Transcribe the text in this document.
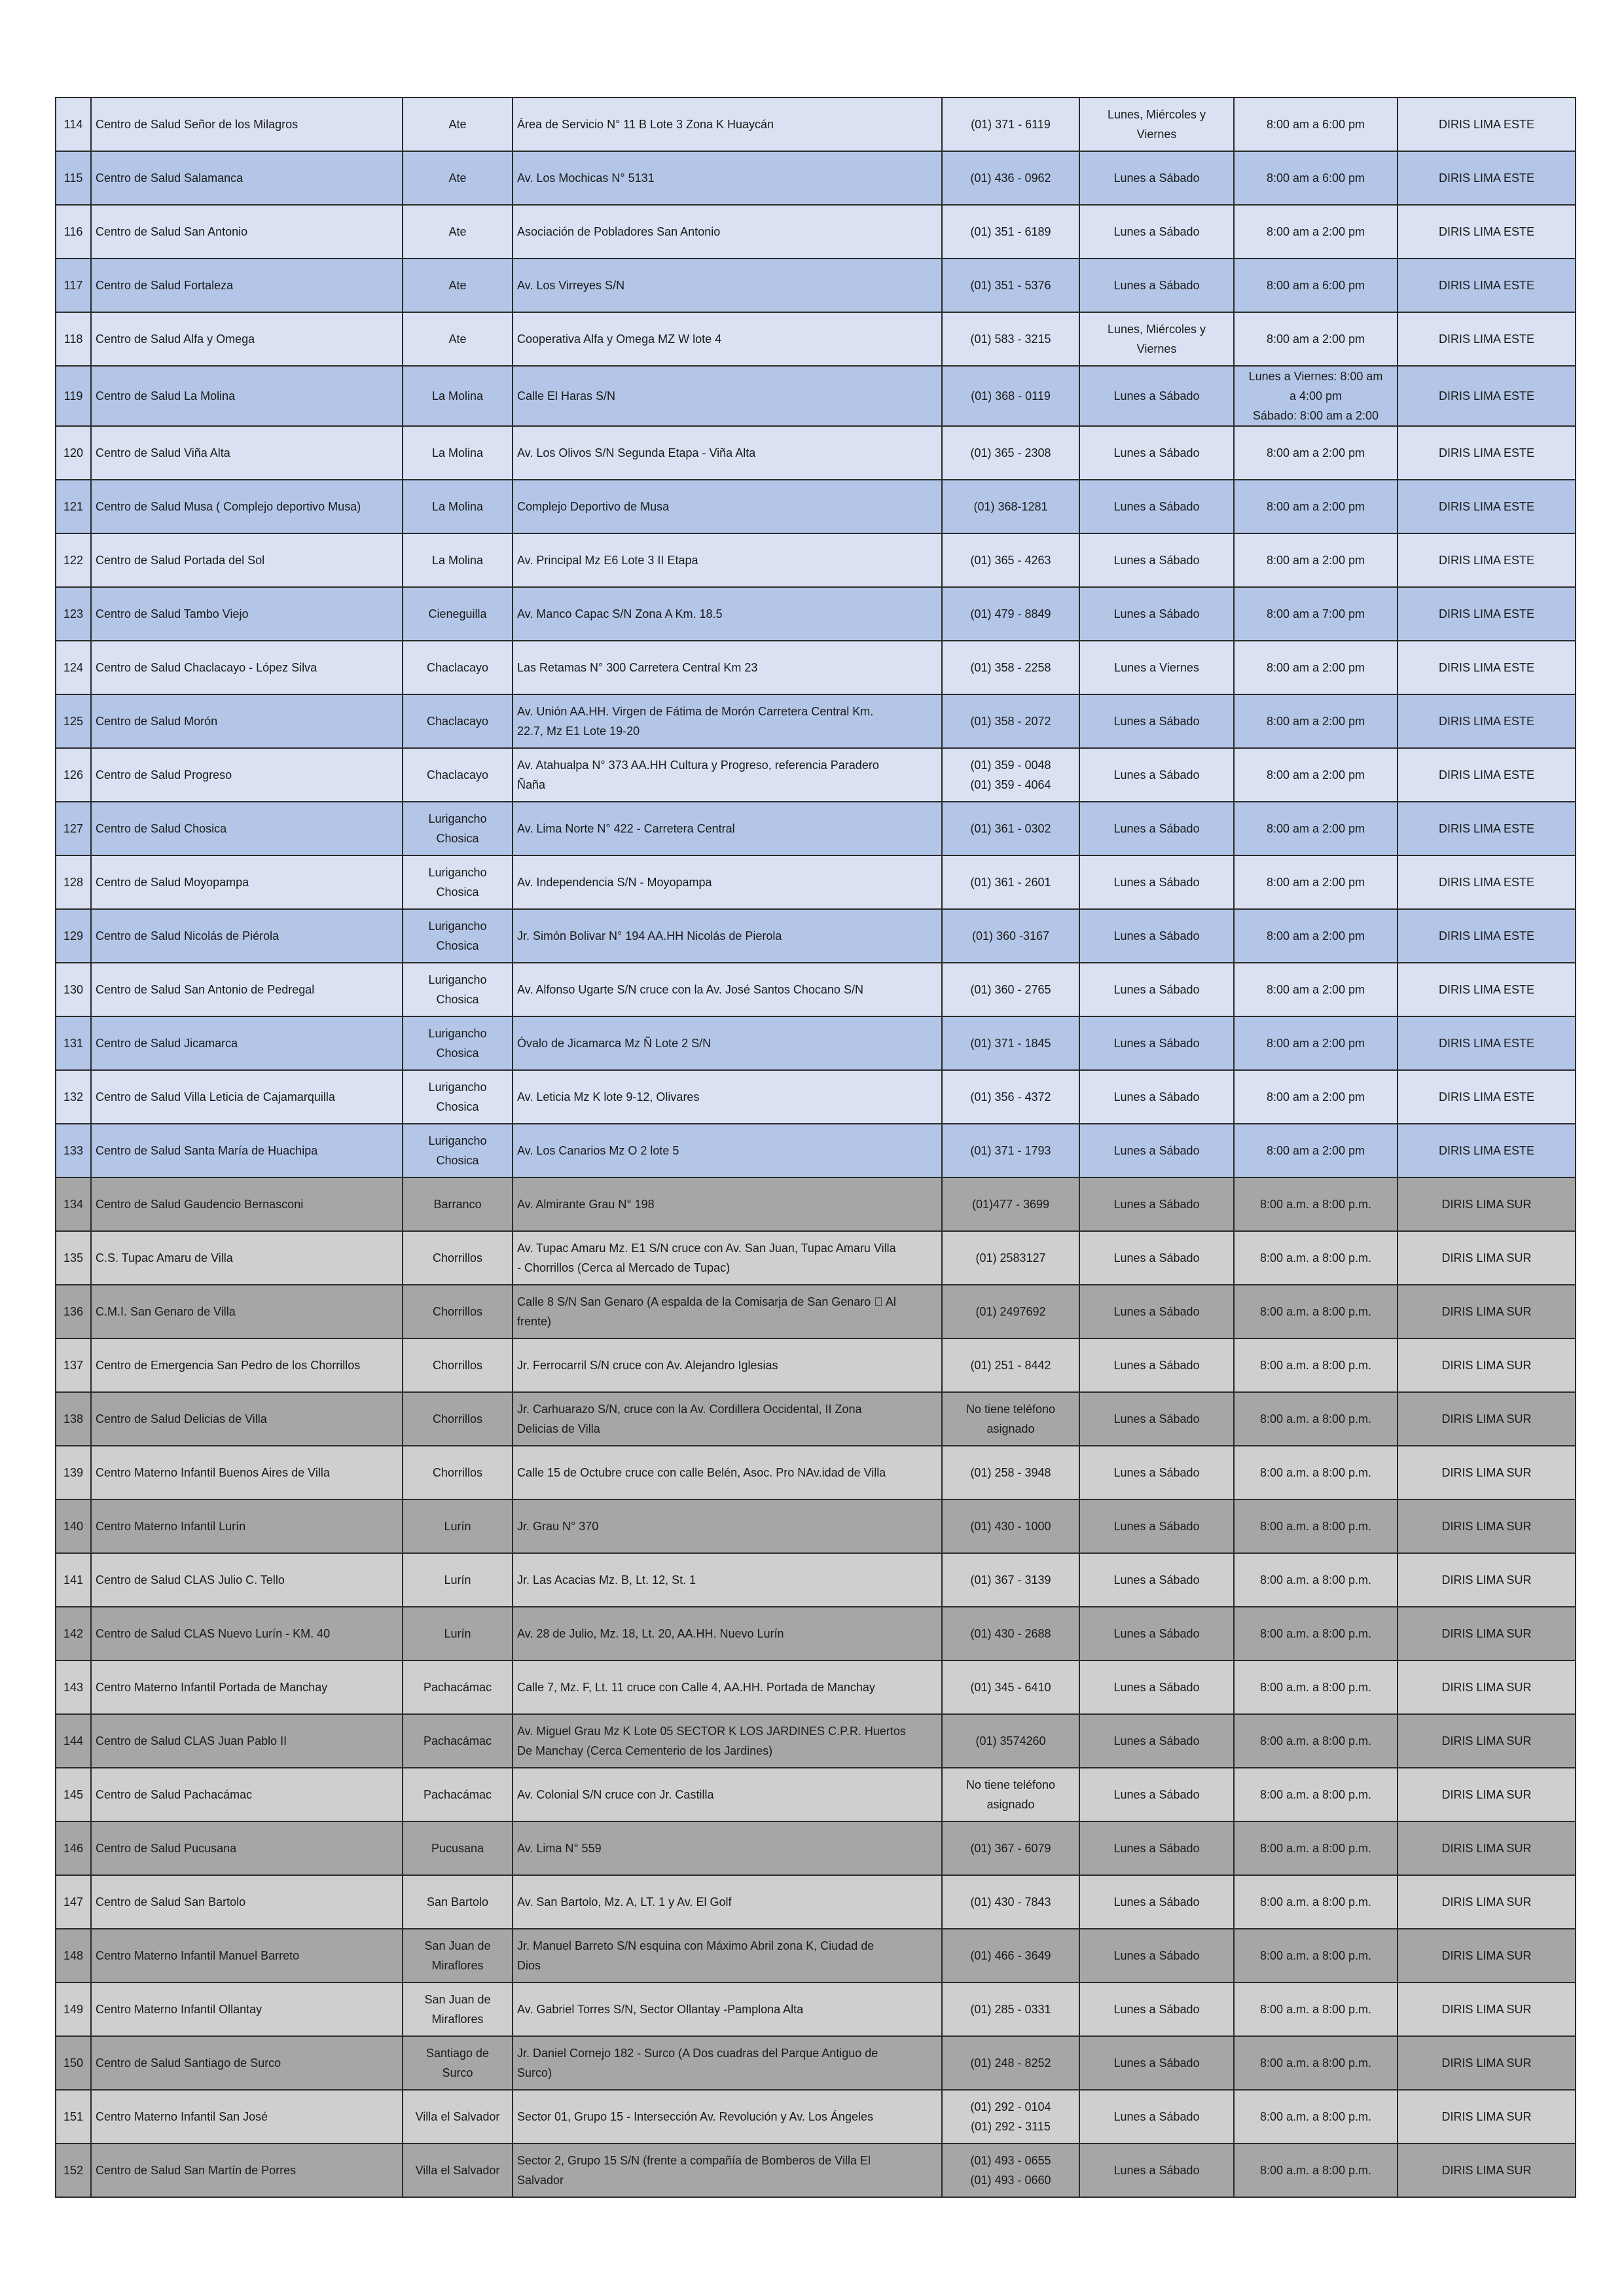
114	Centro de Salud Señor de los Milagros	Ate	Área de Servicio N° 11 B Lote 3 Zona K Huaycán	(01) 371 - 6119	Lunes, Miércoles y
Viernes	8:00 am a 6:00 pm	DIRIS LIMA ESTE
115	Centro de Salud Salamanca	Ate	Av. Los Mochicas N° 5131	(01) 436 - 0962	Lunes a Sábado	8:00 am a 6:00 pm	DIRIS LIMA ESTE
116	Centro de Salud San Antonio	Ate	Asociación de Pobladores San Antonio	(01) 351 - 6189	Lunes a Sábado	8:00 am a 2:00 pm	DIRIS LIMA ESTE
117	Centro de Salud Fortaleza	Ate	Av. Los Virreyes S/N	(01) 351 - 5376	Lunes a Sábado	8:00 am a 6:00 pm	DIRIS LIMA ESTE
118	Centro de Salud Alfa y Omega	Ate	Cooperativa Alfa y Omega MZ W lote 4	(01) 583 - 3215	Lunes, Miércoles y
Viernes	8:00 am a 2:00 pm	DIRIS LIMA ESTE
119	Centro de Salud La Molina	La Molina	Calle El Haras S/N	(01) 368 - 0119	Lunes a Sábado	Lunes a Viernes: 8:00 am
a 4:00 pm
Sábado: 8:00 am a 2:00	DIRIS LIMA ESTE
120	Centro de Salud Viña Alta	La Molina	Av. Los Olivos S/N Segunda Etapa - Viña Alta	(01) 365 - 2308	Lunes a Sábado	8:00 am a 2:00 pm	DIRIS LIMA ESTE
121	Centro de Salud Musa ( Complejo deportivo Musa)	La Molina	Complejo Deportivo de Musa	(01) 368-1281	Lunes a Sábado	8:00 am a 2:00 pm	DIRIS LIMA ESTE
122	Centro de Salud Portada del Sol	La Molina	Av. Principal Mz E6 Lote 3 II Etapa	(01) 365 - 4263	Lunes a Sábado	8:00 am a 2:00 pm	DIRIS LIMA ESTE
123	Centro de Salud Tambo Viejo	Cieneguilla	Av. Manco Capac S/N Zona A Km. 18.5	(01) 479 - 8849	Lunes a Sábado	8:00 am a 7:00 pm	DIRIS LIMA ESTE
124	Centro de Salud Chaclacayo - López Silva	Chaclacayo	Las Retamas N° 300 Carretera Central Km 23	(01) 358 - 2258	Lunes a Viernes	8:00 am a 2:00 pm	DIRIS LIMA ESTE
125	Centro de Salud Morón	Chaclacayo	Av. Unión AA.HH. Virgen de Fátima de Morón Carretera Central Km.
22.7, Mz E1 Lote 19-20	(01) 358 - 2072	Lunes a Sábado	8:00 am a 2:00 pm	DIRIS LIMA ESTE
126	Centro de Salud Progreso	Chaclacayo	Av. Atahualpa N° 373 AA.HH Cultura y Progreso, referencia Paradero
Ñaña	(01) 359 - 0048
(01) 359 - 4064	Lunes a Sábado	8:00 am a 2:00 pm	DIRIS LIMA ESTE
127	Centro de Salud Chosica	Lurigancho
Chosica	Av. Lima Norte N° 422 - Carretera Central	(01) 361 - 0302	Lunes a Sábado	8:00 am a 2:00 pm	DIRIS LIMA ESTE
128	Centro de Salud Moyopampa	Lurigancho
Chosica	Av. Independencia S/N - Moyopampa	(01) 361 - 2601	Lunes a Sábado	8:00 am a 2:00 pm	DIRIS LIMA ESTE
129	Centro de Salud Nicolás de Piérola	Lurigancho
Chosica	Jr. Simón Bolivar N° 194 AA.HH Nicolás de Pierola	(01) 360 -3167	Lunes a Sábado	8:00 am a 2:00 pm	DIRIS LIMA ESTE
130	Centro de Salud San Antonio de Pedregal	Lurigancho
Chosica	Av. Alfonso Ugarte S/N cruce con la Av. José Santos Chocano S/N	(01) 360 - 2765	Lunes a Sábado	8:00 am a 2:00 pm	DIRIS LIMA ESTE
131	Centro de Salud Jicamarca	Lurigancho
Chosica	Óvalo de Jicamarca Mz Ñ Lote 2 S/N	(01) 371 - 1845	Lunes a Sábado	8:00 am a 2:00 pm	DIRIS LIMA ESTE
132	Centro de Salud Villa Leticia de Cajamarquilla	Lurigancho
Chosica	Av. Leticia Mz K lote 9-12, Olivares	(01) 356 - 4372	Lunes a Sábado	8:00 am a 2:00 pm	DIRIS LIMA ESTE
133	Centro de Salud Santa María de Huachipa	Lurigancho
Chosica	Av. Los Canarios Mz O 2 lote 5	(01) 371 - 1793	Lunes a Sábado	8:00 am a 2:00 pm	DIRIS LIMA ESTE
134	Centro de Salud Gaudencio Bernasconi	Barranco	Av. Almirante Grau N° 198	(01)477 - 3699	Lunes a Sábado	8:00 a.m. a 8:00 p.m.	DIRIS LIMA SUR
135	C.S. Tupac Amaru de Villa	Chorrillos	Av. Tupac Amaru Mz. E1 S/N cruce con Av. San Juan, Tupac Amaru Villa
- Chorrillos (Cerca al Mercado de Tupac)	(01) 2583127	Lunes a Sábado	8:00 a.m. a 8:00 p.m.	DIRIS LIMA SUR
136	C.M.I. San Genaro de Villa	Chorrillos	Calle 8 S/N San Genaro (A espalda de la Comisarįa de San Genaro   Al
frente)	(01) 2497692	Lunes a Sábado	8:00 a.m. a 8:00 p.m.	DIRIS LIMA SUR
137	Centro de Emergencia San Pedro de los Chorrillos	Chorrillos	Jr. Ferrocarril S/N cruce con Av. Alejandro Iglesias	(01) 251 - 8442	Lunes a Sábado	8:00 a.m. a 8:00 p.m.	DIRIS LIMA SUR
138	Centro de Salud Delicias de Villa	Chorrillos	Jr. Carhuarazo S/N, cruce con la Av. Cordillera Occidental, II Zona
Delicias de Villa	No tiene teléfono
asignado	Lunes a Sábado	8:00 a.m. a 8:00 p.m.	DIRIS LIMA SUR
139	Centro Materno Infantil Buenos Aires de Villa	Chorrillos	Calle 15 de Octubre cruce con calle Belén, Asoc. Pro NAv.idad de Villa	(01) 258 - 3948	Lunes a Sábado	8:00 a.m. a 8:00 p.m.	DIRIS LIMA SUR
140	Centro Materno Infantil Lurín	Lurín	Jr. Grau N° 370	(01) 430 - 1000	Lunes a Sábado	8:00 a.m. a 8:00 p.m.	DIRIS LIMA SUR
141	Centro de Salud CLAS Julio C. Tello	Lurín	Jr. Las Acacias Mz. B, Lt. 12, St. 1	(01) 367 - 3139	Lunes a Sábado	8:00 a.m. a 8:00 p.m.	DIRIS LIMA SUR
142	Centro de Salud CLAS Nuevo Lurín - KM. 40	Lurín	Av. 28 de Julio, Mz. 18, Lt. 20, AA.HH. Nuevo Lurín	(01) 430 - 2688	Lunes a Sábado	8:00 a.m. a 8:00 p.m.	DIRIS LIMA SUR
143	Centro Materno Infantil Portada de Manchay	Pachacámac	Calle 7, Mz. F, Lt. 11 cruce con Calle 4, AA.HH. Portada de Manchay	(01) 345 - 6410	Lunes a Sábado	8:00 a.m. a 8:00 p.m.	DIRIS LIMA SUR
144	Centro de Salud CLAS Juan Pablo II	Pachacámac	Av. Miguel Grau Mz K Lote 05 SECTOR K LOS JARDINES C.P.R. Huertos
De Manchay (Cerca Cementerio de los Jardines)	(01) 3574260	Lunes a Sábado	8:00 a.m. a 8:00 p.m.	DIRIS LIMA SUR
145	Centro de Salud Pachacámac	Pachacámac	Av. Colonial S/N cruce con Jr. Castilla	No tiene teléfono
asignado	Lunes a Sábado	8:00 a.m. a 8:00 p.m.	DIRIS LIMA SUR
146	Centro de Salud Pucusana	Pucusana	Av. Lima N° 559	(01) 367 - 6079	Lunes a Sábado	8:00 a.m. a 8:00 p.m.	DIRIS LIMA SUR
147	Centro de Salud San Bartolo	San Bartolo	Av. San Bartolo, Mz. A, LT. 1 y Av. El Golf	(01) 430 - 7843	Lunes a Sábado	8:00 a.m. a 8:00 p.m.	DIRIS LIMA SUR
148	Centro Materno Infantil Manuel Barreto	San Juan de
Miraflores	Jr. Manuel Barreto S/N esquina con Máximo Abril zona K, Ciudad de
Dios	(01) 466 - 3649	Lunes a Sábado	8:00 a.m. a 8:00 p.m.	DIRIS LIMA SUR
149	Centro Materno Infantil Ollantay	San Juan de
Miraflores	Av. Gabriel Torres S/N, Sector Ollantay -Pamplona Alta	(01) 285 - 0331	Lunes a Sábado	8:00 a.m. a 8:00 p.m.	DIRIS LIMA SUR
150	Centro de Salud Santiago de Surco	Santiago de
Surco	Jr. Daniel Cornejo 182 - Surco (A Dos cuadras del Parque Antiguo de
Surco)	(01) 248 - 8252	Lunes a Sábado	8:00 a.m. a 8:00 p.m.	DIRIS LIMA SUR
151	Centro Materno Infantil San José	Villa el Salvador	Sector 01, Grupo 15 - Intersección Av. Revolución y Av. Los Ángeles	(01) 292 - 0104
(01) 292 - 3115	Lunes a Sábado	8:00 a.m. a 8:00 p.m.	DIRIS LIMA SUR
152	Centro de Salud San Martín de Porres	Villa el Salvador	Sector 2, Grupo 15 S/N (frente a compañía de Bomberos de Villa El
Salvador	(01) 493 - 0655
(01) 493 - 0660	Lunes a Sábado	8:00 a.m. a 8:00 p.m.	DIRIS LIMA SUR
